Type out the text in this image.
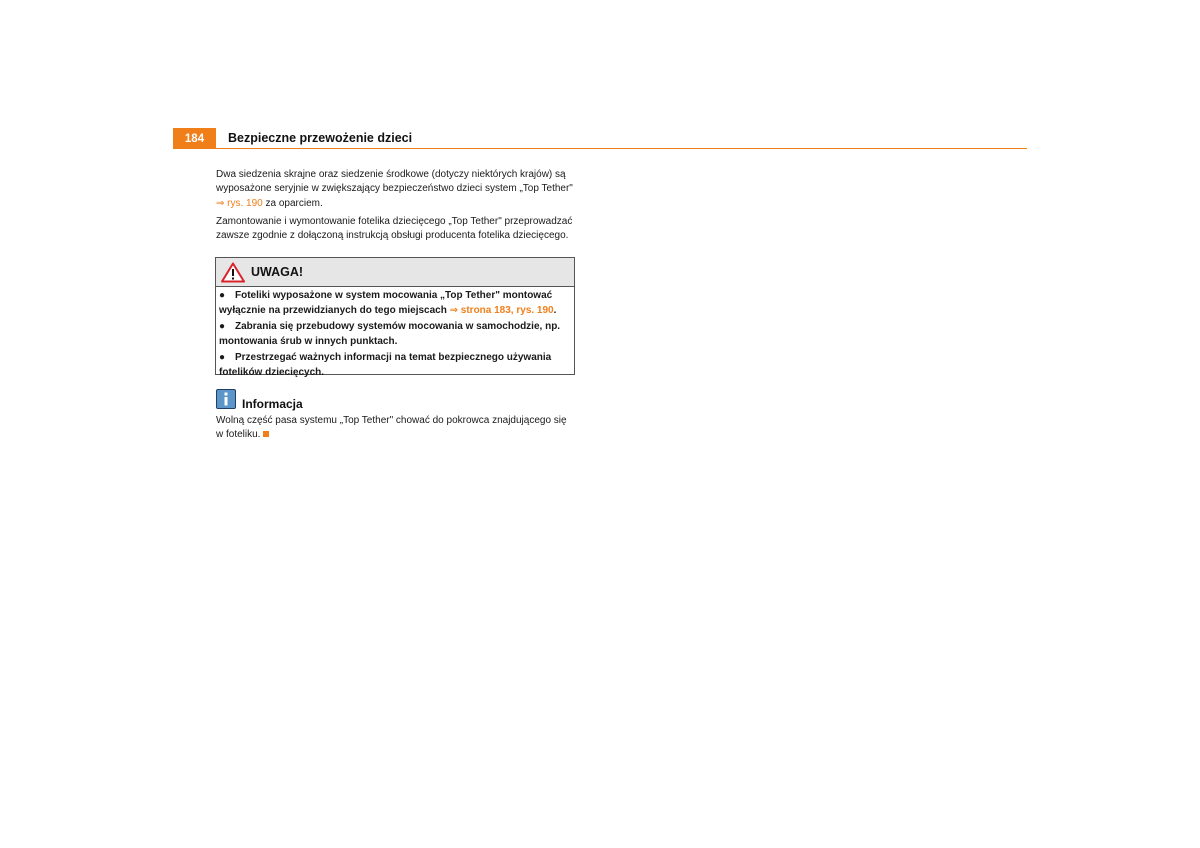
184	Bezpieczne przewożenie dzieci

Dwa siedzenia skrajne oraz siedzenie środkowe (dotyczy niektórych krajów) są wyposażone seryjnie w zwiększający bezpieczeństwo dzieci system „Top Tether"
⇒ rys. 190 za oparciem.

Zamontowanie i wymontowanie fotelika dziecięcego „Top Tether" przeprowadzać zawsze zgodnie z dołączoną instrukcją obsługi producenta fotelika dziecięcego.

UWAGA!
● Foteliki wyposażone w system mocowania „Top Tether" montować wyłącznie na przewidzianych do tego miejscach ⇒ strona 183, rys. 190.
● Zabrania się przebudowy systemów mocowania w samochodzie, np. montowania śrub w innych punktach.
● Przestrzegać ważnych informacji na temat bezpiecznego używania fotelików dziecięcych.
Informacja

Wolną część pasa systemu „Top Tether" chować do pokrowca znajdującego się w foteliku.
